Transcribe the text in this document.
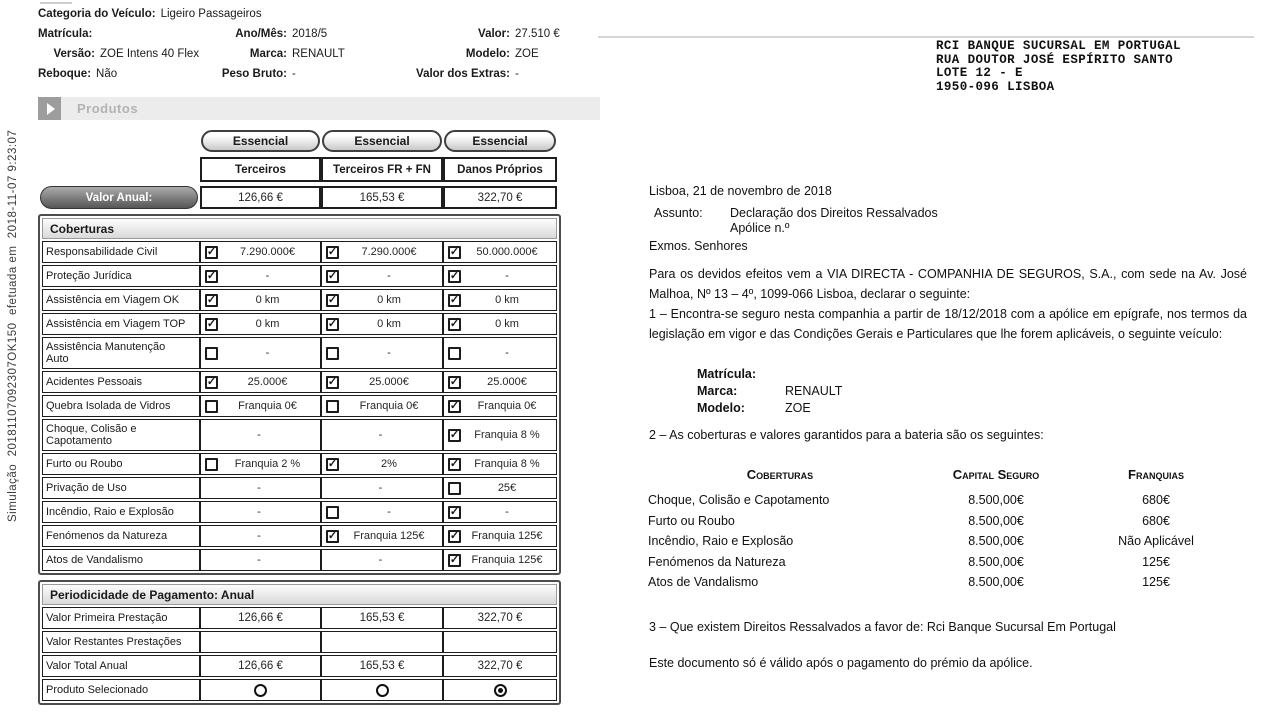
Simulação  20181107092307OK150  efetuada em  2018-11-07 9:23:07
Categoria do Veículo: Ligeiro Passageiros
Matrícula:	Ano/Mês: 2018/5	Valor: 27.510 €
Versão: ZOE Intens 40 Flex	Marca: RENAULT	Modelo: ZOE
Reboque: Não	Peso Bruto: -	Valor dos Extras: -
Produtos
Essencial	Essencial	Essencial
Terceiros	Terceiros FR + FN	Danos Próprios
Valor Anual:	126,66 €	165,53 €	322,70 €
Coberturas
Responsabilidade Civil ✓	7.290.000€ ✓	7.290.000€ ✓	50.000.000€
Proteção Jurídica ✓	- ✓	- ✓	-
Assistência em Viagem OK ✓	0 km ✓	0 km ✓	0 km
Assistência em Viagem TOP ✓	0 km ✓	0 km ✓	0 km
Assistência Manutenção Auto	-	-	-
Acidentes Pessoais ✓	25.000€ ✓	25.000€ ✓	25.000€
Quebra Isolada de Vidros	Franquia 0€	Franquia 0€ ✓	Franquia 0€
Choque, Colisão e Capotamento	-	- ✓	Franquia 8 %
Furto ou Roubo	Franquia 2 % ✓	2% ✓	Franquia 8 %
Privação de Uso	-	-	25€
Incêndio, Raio e Explosão	-	- ✓	-
Fenómenos da Natureza	- ✓	Franquia 125€ ✓	Franquia 125€
Atos de Vandalismo	-	- ✓	Franquia 125€
Periodicidade de Pagamento: Anual
Valor Primeira Prestação	126,66 €	165,53 €	322,70 €
Valor Restantes Prestações
Valor Total Anual	126,66 €	165,53 €	322,70 €
Produto Selecionado
RCI BANQUE SUCURSAL EM PORTUGAL
RUA DOUTOR JOSÉ ESPÍRITO SANTO
LOTE 12 - E
1950-096 LISBOA
Lisboa, 21 de novembro de 2018
Assunto:	Declaração dos Direitos Ressalvados
Apólice n.º
Exmos. Senhores
Para os devidos efeitos vem a VIA DIRECTA - COMPANHIA DE SEGUROS, S.A., com sede na Av. José Malhoa, Nº 13 – 4º, 1099-066 Lisboa, declarar o seguinte:
1 – Encontra-se seguro nesta companhia a partir de 18/12/2018 com a apólice em epígrafe, nos termos da legislação em vigor e das Condições Gerais e Particulares que lhe forem aplicáveis, o seguinte veículo:
Matrícula:
Marca:	RENAULT
Modelo:	ZOE
2 – As coberturas e valores garantidos para a bateria são os seguintes:
Coberturas	Capital Seguro	Franquias
Choque, Colisão e Capotamento	8.500,00€	680€
Furto ou Roubo	8.500,00€	680€
Incêndio, Raio e Explosão	8.500,00€	Não Aplicável
Fenómenos da Natureza	8.500,00€	125€
Atos de Vandalismo	8.500,00€	125€
3 – Que existem Direitos Ressalvados a favor de: Rci Banque Sucursal Em Portugal
Este documento só é válido após o pagamento do prémio da apólice.
